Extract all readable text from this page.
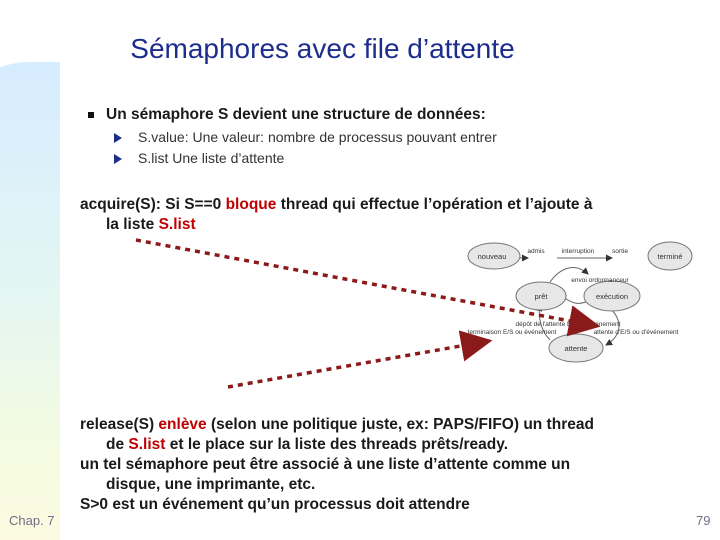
Sémaphores avec file d’attente
Un sémaphore S devient une structure de données:
S.value: Une valeur: nombre de processus pouvant entrer
S.list Une liste d’attente
acquire(S): Si S==0 bloque thread qui effectue l’opération et l’ajoute à
la liste S.list
nouveau
prêt	exécution
attente
terminé
admis	interruption	sortie
envoi ordonnanceur
dépôt de l'attente E/S ou événement
attente d'E/S ou d'événement
terminaison E/S ou événement
release(S) enlève (selon une politique juste, ex: PAPS/FIFO) un thread
de S.list et le place sur la liste des threads prêts/ready.
un tel sémaphore peut être associé à une liste d’attente comme un
disque, une imprimante, etc.
S>0 est un événement qu’un processus doit attendre
Chap. 7	79
